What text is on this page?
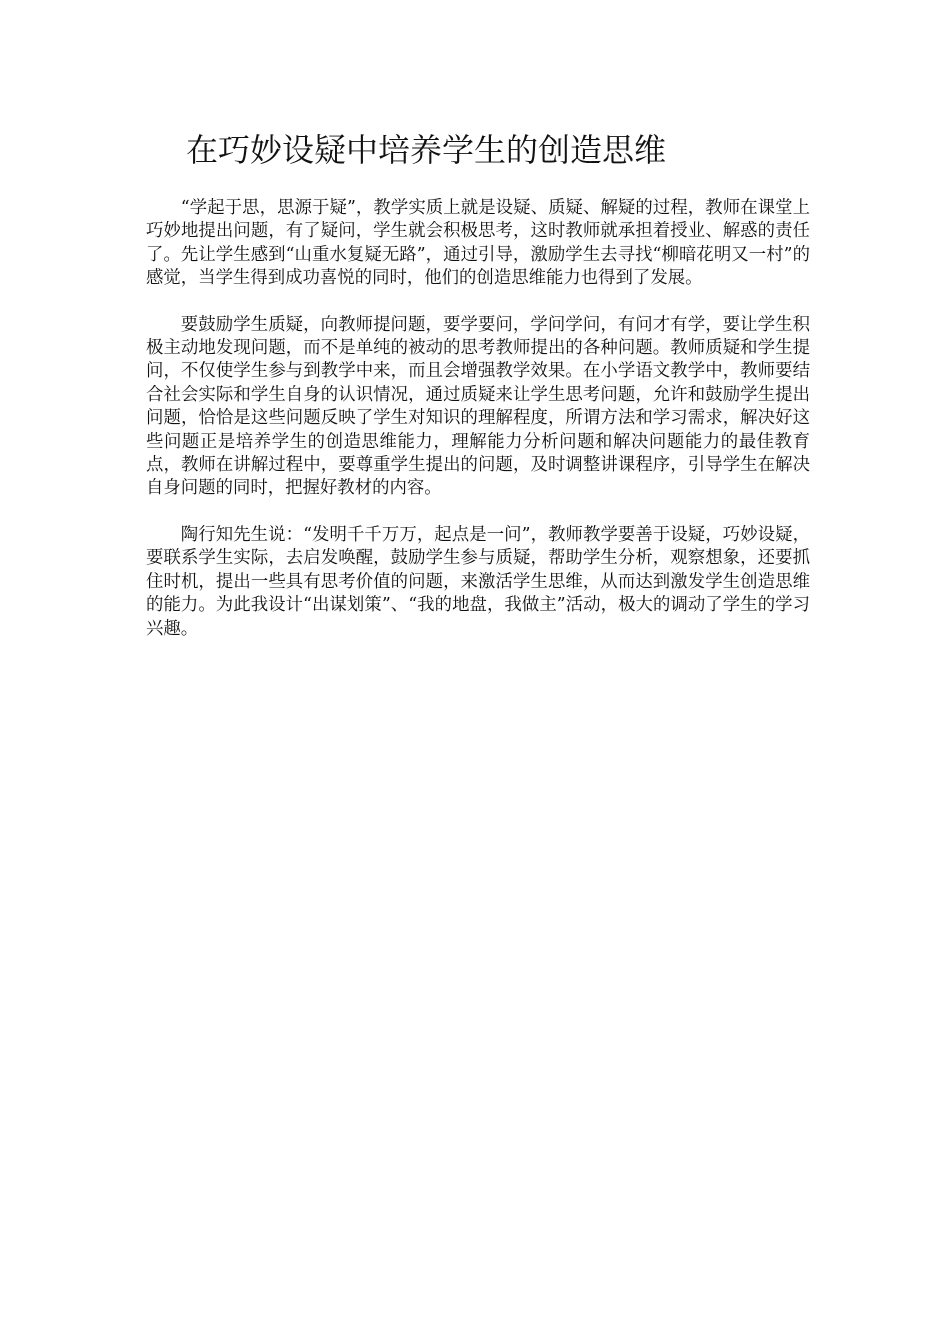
在巧妙设疑中培养学生的创造思维

“学起于思，思源于疑”，教学实质上就是设疑、质疑、解疑的过程，教师在课堂上巧妙地提出问题，有了疑问，学生就会积极思考，这时教师就承担着授业、解惑的责任了。先让学生感到“山重水复疑无路”，通过引导，激励学生去寻找“柳暗花明又一村”的感觉，当学生得到成功喜悦的同时，他们的创造思维能力也得到了发展。

要鼓励学生质疑，向教师提问题，要学要问，学问学问，有问才有学，要让学生积极主动地发现问题，而不是单纯的被动的思考教师提出的各种问题。教师质疑和学生提问，不仅使学生参与到教学中来，而且会增强教学效果。在小学语文教学中，教师要结合社会实际和学生自身的认识情况，通过质疑来让学生思考问题，允许和鼓励学生提出问题，恰恰是这些问题反映了学生对知识的理解程度，所谓方法和学习需求，解决好这些问题正是培养学生的创造思维能力，理解能力分析问题和解决问题能力的最佳教育点，教师在讲解过程中，要尊重学生提出的问题，及时调整讲课程序，引导学生在解决自身问题的同时，把握好教材的内容。

陶行知先生说：“发明千千万万，起点是一问”，教师教学要善于设疑，巧妙设疑，要联系学生实际，去启发唤醒，鼓励学生参与质疑，帮助学生分析，观察想象，还要抓住时机，提出一些具有思考价值的问题，来激活学生思维，从而达到激发学生创造思维的能力。为此我设计“出谋划策”、“我的地盘，我做主”活动，极大的调动了学生的学习兴趣。
